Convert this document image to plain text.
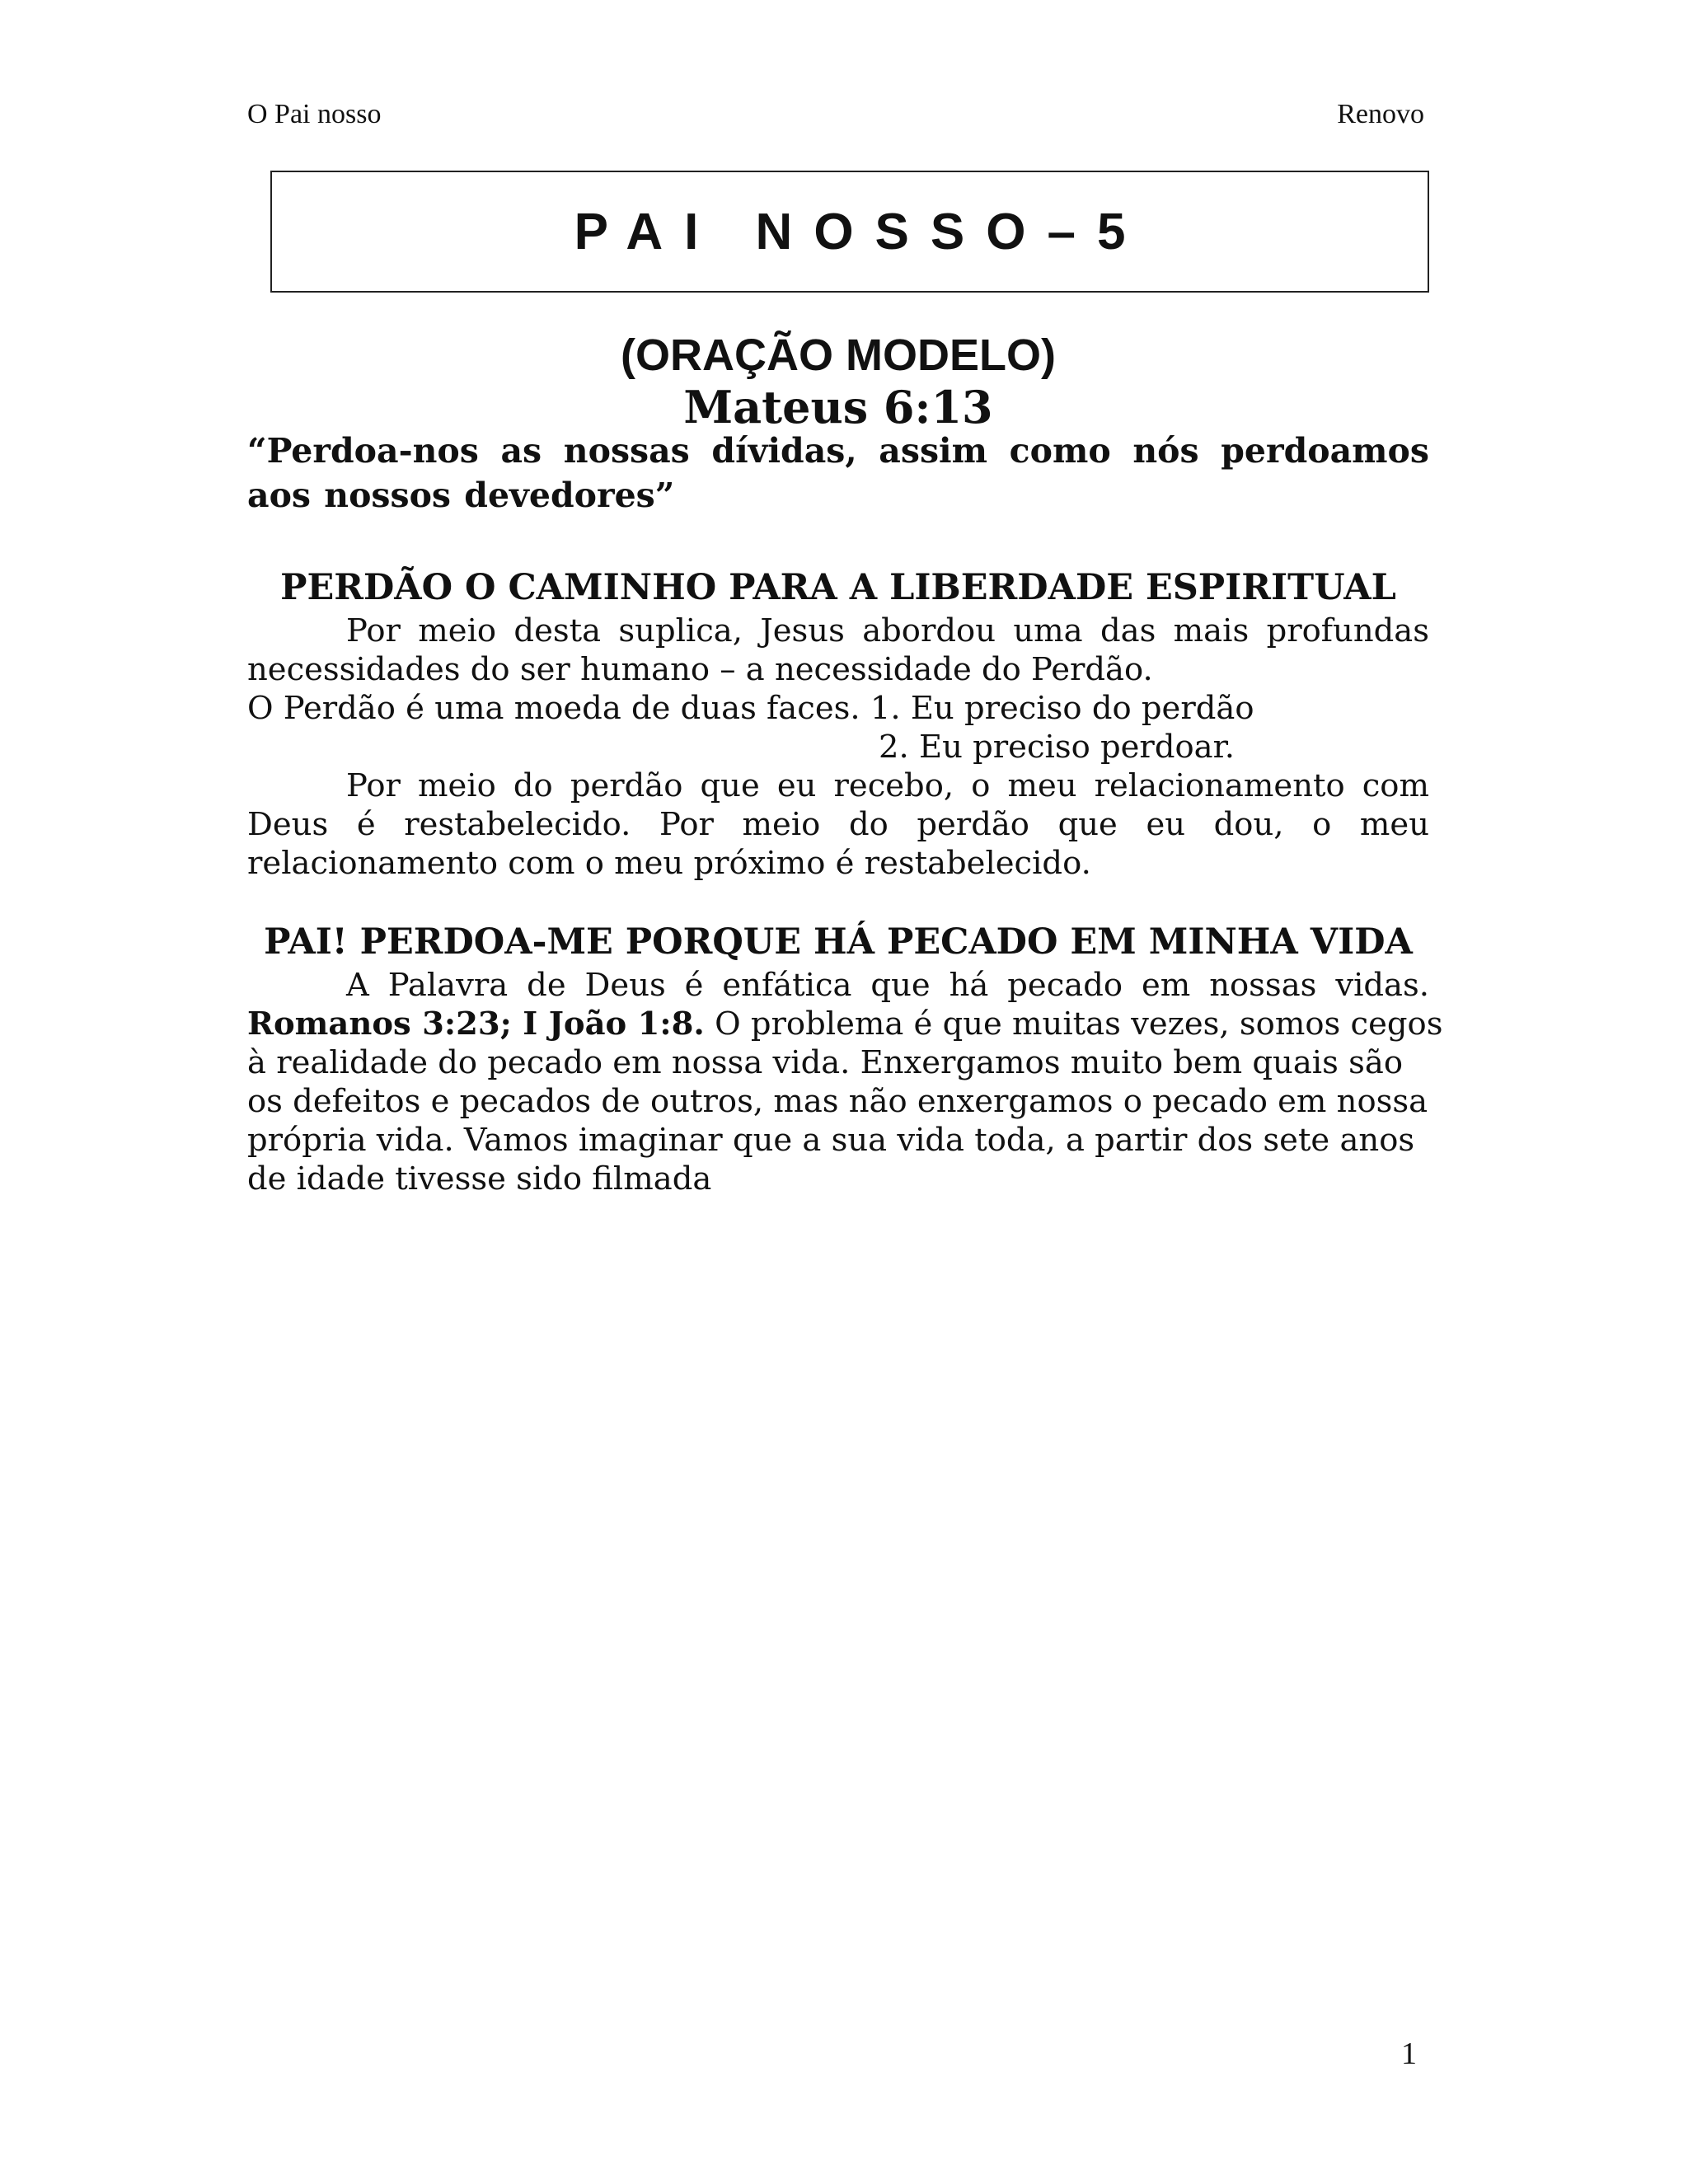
O Pai nosso	Renovo
PAI NOSSO–5
(ORAÇÃO MODELO)
Mateus 6:13
“Perdoa-nos as nossas dívidas, assim como nós perdoamos aos nossos devedores”
PERDÃO O CAMINHO PARA A LIBERDADE ESPIRITUAL
Por meio desta suplica, Jesus abordou uma das mais profundas
necessidades do ser humano – a necessidade do Perdão.
O Perdão é uma moeda de duas faces. 1. Eu preciso do perdão
2. Eu preciso perdoar.
Por meio do perdão que eu recebo, o meu relacionamento com
Deus é restabelecido. Por meio do perdão que eu dou, o meu
relacionamento com o meu próximo é restabelecido.
PAI! PERDOA-ME PORQUE HÁ PECADO EM MINHA VIDA
A Palavra de Deus é enfática que há pecado em nossas vidas.
Romanos 3:23; I João 1:8. O problema é que muitas vezes, somos cegos
à realidade do pecado em nossa vida. Enxergamos muito bem quais são
os defeitos e pecados de outros, mas não enxergamos o pecado em nossa
própria vida. Vamos imaginar que a sua vida toda, a partir dos sete anos
de idade tivesse sido filmada
1
